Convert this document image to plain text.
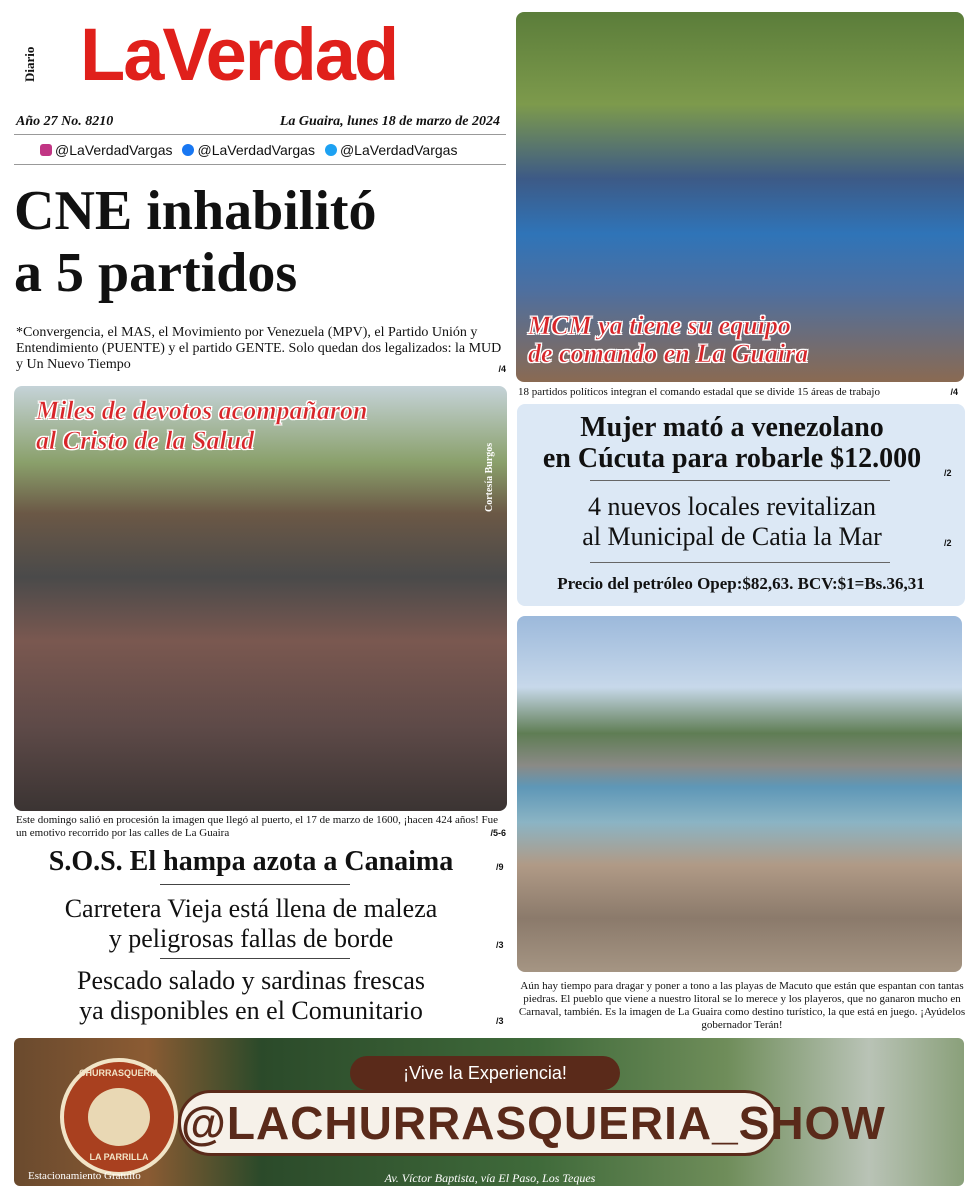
Diario LaVerdad
Año 27 No. 8210	La Guaira, lunes 18 de marzo de 2024
@LaVerdadVargas @LaVerdadVargas @LaVerdadVargas
CNE inhabilitó
a 5 partidos
*Convergencia, el MAS, el Movimiento por Venezuela (MPV), el Partido Unión y Entendimiento (PUENTE) y el partido GENTE. Solo quedan dos legalizados: la MUD y Un Nuevo Tiempo	/4
MCM ya tiene su equipo
de comando en La Guaira
18 partidos políticos integran el comando estadal que se divide 15 áreas de trabajo	/4
Miles de devotos acompañaron
al Cristo de la Salud
Cortesía Burgos
Este domingo salió en procesión la imagen que llegó al puerto, el 17 de marzo de 1600, ¡hacen 424 años! Fue un emotivo recorrido por las calles de La Guaira	/5-6
Mujer mató a venezolano
en Cúcuta para robarle $12.000	/2
4 nuevos locales revitalizan
al Municipal de Catia la Mar	/2
Precio del petróleo Opep:$82,63. BCV:$1=Bs.36,31
Aún hay tiempo para dragar y poner a tono a las playas de Macuto que están que espantan con tantas piedras. El pueblo que viene a nuestro litoral se lo merece y los playeros, que no ganaron mucho en Carnaval, también. Es la imagen de La Guaira como destino turístico, la que está en juego. ¡Ayúdelos gobernador Terán!
S.O.S. El hampa azota a Canaima	/9
Carretera Vieja está llena de maleza
y peligrosas fallas de borde	/3
Pescado salado y sardinas frescas
ya disponibles en el Comunitario	/3
CHURRASQUERIA
LA PARRILLA
¡Vive la Experiencia!
@LACHURRASQUERIA_SHOW
Estacionamiento Gratuito	Av. Víctor Baptista, vía El Paso, Los Teques
